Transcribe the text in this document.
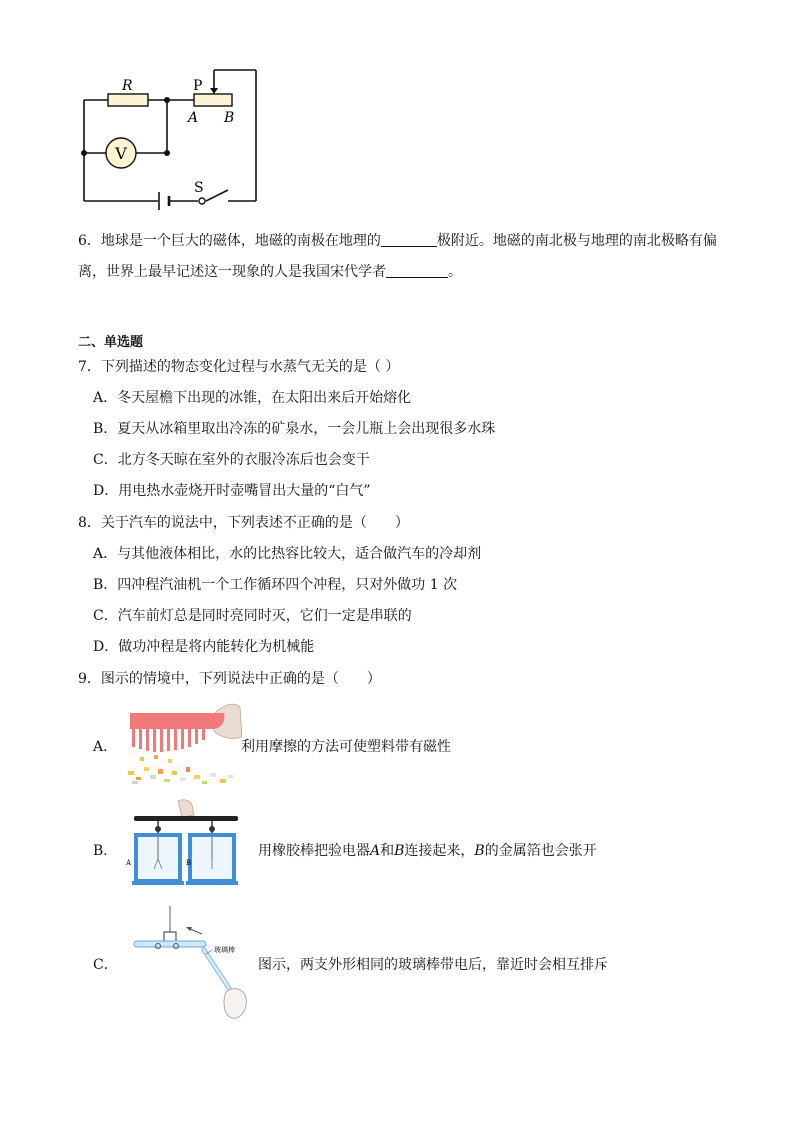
V
R	P
A B
S
6．地球是一个巨大的磁体，地磁的南极在地理的	极附近。地磁的南北极与地理的南北极略有偏
离，世界上最早记述这一现象的人是我国宋代学者	。
二、单选题
7．下列描述的物态变化过程与水蒸气无关的是（ ）
A．冬天屋檐下出现的冰锥，在太阳出来后开始熔化
B．夏天从冰箱里取出冷冻的矿泉水，一会儿瓶上会出现很多水珠
C．北方冬天晾在室外的衣服冷冻后也会变干
D．用电热水壶烧开时壶嘴冒出大量的“白气”
8．关于汽车的说法中，下列表述不正确的是（　　）
A．与其他液体相比，水的比热容比较大，适合做汽车的冷却剂
B．四冲程汽油机一个工作循环四个冲程，只对外做功 1 次
C．汽车前灯总是同时亮同时灭，它们一定是串联的
D．做功冲程是将内能转化为机械能
9．图示的情境中，下列说法中正确的是（　　）
A．	利用摩擦的方法可使塑料带有磁性
B．
A	B
用橡胶棒把验电器A和B连接起来，B的金属箔也会张开
C．
玻璃棒
图示，两支外形相同的玻璃棒带电后，靠近时会相互排斥
